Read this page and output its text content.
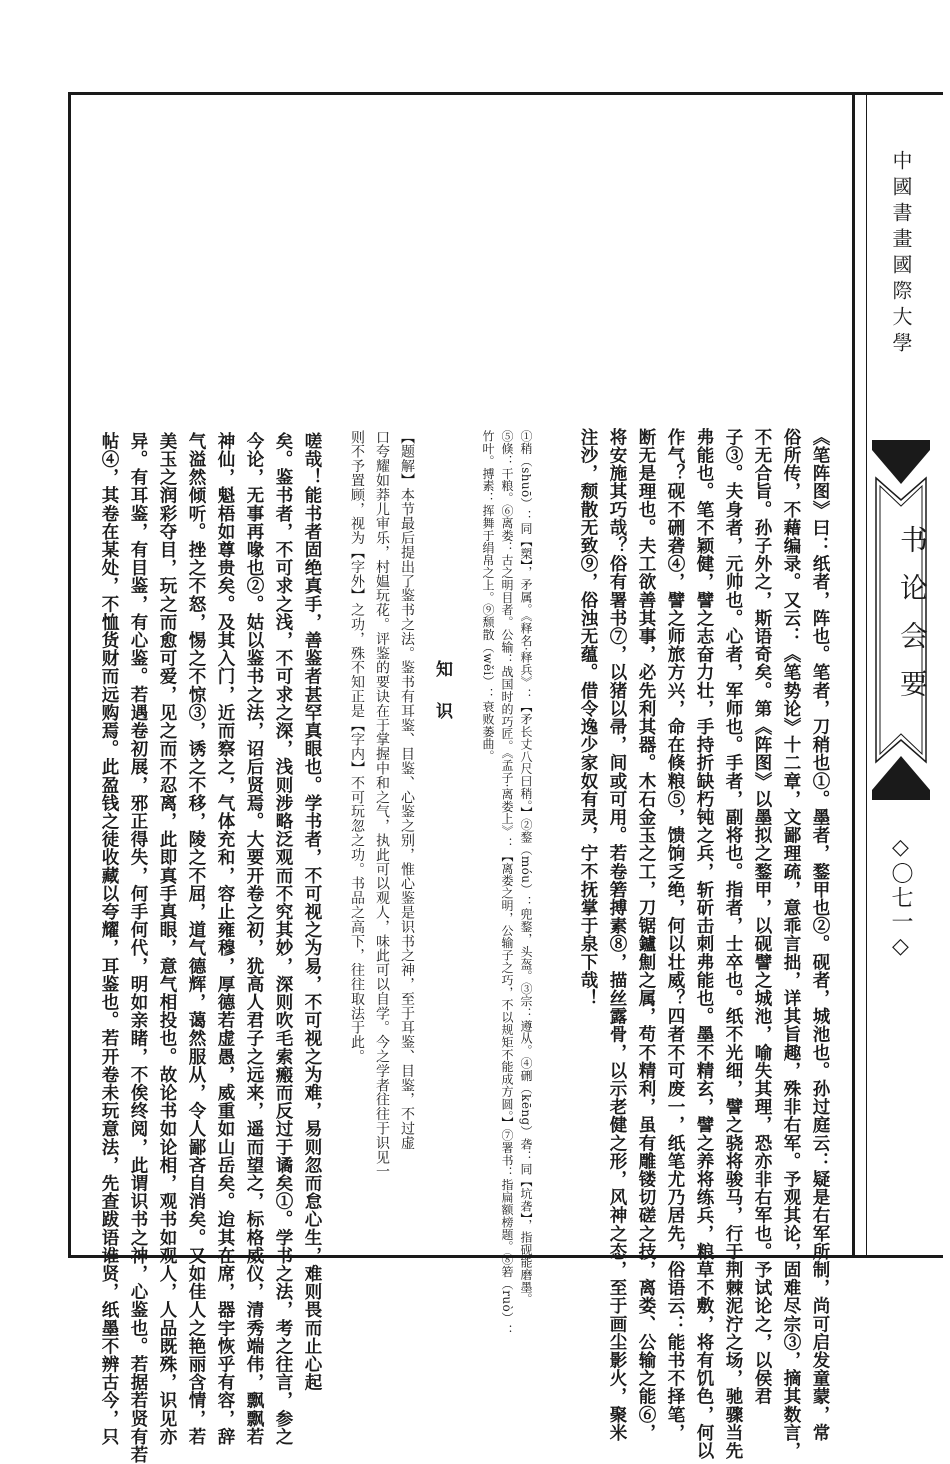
中國書畫國際大學
书论会要
◇〇七一◇
《笔阵图》曰：纸者，阵也。笔者，刀稍也①。墨者，鍪甲也②。砚者，城池也。孙过庭云：疑是右军所制，尚可启发童蒙，常
俗所传，不藉编录。又云：《笔势论》十二章，文鄙理疏，意乖言拙，详其旨趣，殊非右军。予观其论，固难尽宗③，摘其数言，
不无合旨。孙子外之，斯语奇矣。第《阵图》以墨拟之鍪甲，以砚譬之城池，喻失其理，恐亦非右军也。予试论之，以侯君
子③。夫身者，元帅也。心者，军师也。手者，副将也。指者，士卒也。纸不光细，譬之骁将骏马，行于荆棘泥泞之场，驰骤当先
弗能也。笔不颖健，譬之志奋力壮，手持折缺朽钝之兵，斩斫击刺弗能也。墨不精玄，譬之养将练兵，粮草不敷，将有饥色，何以
作气？砚不硎砻④，譬之师旅方兴，命在倏粮⑤，馈饷乏绝，何以壮威？四者不可废一，纸笔尤乃居先，俗语云：能书不择笔，
断无是理也。夫工欲善其事，必先利其器。木石金玉之工，刀锯鑪劁之属，苟不精利，虽有雕镂切磋之技，离娄、公输之能⑥，
将安施其巧哉？俗有署书⑦，以猪以帚，间或可用。若卷箬搏素⑧，描丝露骨，以示老健之形，风神之态，至于画尘影火，聚米
注沙，颓散无致⑨，俗浊无蕴。借令逸少家奴有灵，宁不抚掌于泉下哉！
①稍（shuō）：同【槊】，矛属。《释名·释兵》：【矛长丈八尺曰稍。】②鍪（móu）：兜鍪，头盔。③宗：遵从。④硎（kēng）砻：同【坑砻】，指砚能磨墨。
⑤倏：干粮。⑥离娄：古之明目者。公输：战国时的巧匠。《孟子·离娄上》：【离娄之明，公输子之巧，不以规矩不能成方圆。】⑦署书：指扁额榜题。⑧箬（ruò）：
竹叶。搏素：挥舞于绢帛之上。⑨颓散（wěi）：衰败萎曲。
知　识
【题解】本节最后提出了鉴书之法。鉴书有耳鉴、目鉴、心鉴之别，惟心鉴是识书之神，至于耳鉴、目鉴，不过虚
口夸耀如莽儿审乐，村媪玩花。评鉴的要诀在于掌握中和之气，执此可以观人，味此可以自学。今之学者往往于识见一
则不予置顾，视为【字外】之功，殊不知正是【字内】不可玩忽之功。书品之高下，往往取法于此。
嗟哉！能书者固绝真手，善鉴者甚罕真眼也。学书者，不可视之为易，不可视之为难，易则忽而怠心生，难则畏而止心起
矣。鉴书者，不可求之浅，不可求之深，浅则涉略泛观而不究其妙，深则吹毛索瘢而反过于谲矣①。学书之法，考之往言，参之
今论，无事再喙也②。姑以鉴书之法，诏后贤焉。大要开卷之初，犹高人君子之远来，遥而望之，标格威仪，清秀端伟，飘飘若
神仙，魁梧如尊贵矣。及其入门，近而察之，气体充和，容止雍穆，厚德若虚愚，威重如山岳矣。迨其在席，器宇恢乎有容，辞
气溢然倾听。挫之不怒，惕之不惊③，诱之不移，陵之不屈，道气德辉，蔼然服从，令人鄙吝自消矣。又如佳人之艳丽含情，若
美玉之润彩夺目，玩之而愈可爱，见之而不忍离，此即真手真眼，意气相投也。故论书如论相，观书如观人，人品既殊，识见亦
异。有耳鉴，有目鉴，有心鉴。若遇卷初展，邪正得失，何手何代，明如亲睹，不俟终阅，此谓识书之神，心鉴也。若据若贤有若
帖④，其卷在某处，不恤货财而远购焉。此盈钱之徒收藏以夸耀，耳鉴也。若开卷未玩意法，先查跋语谁贤，纸墨不辨古今，只
